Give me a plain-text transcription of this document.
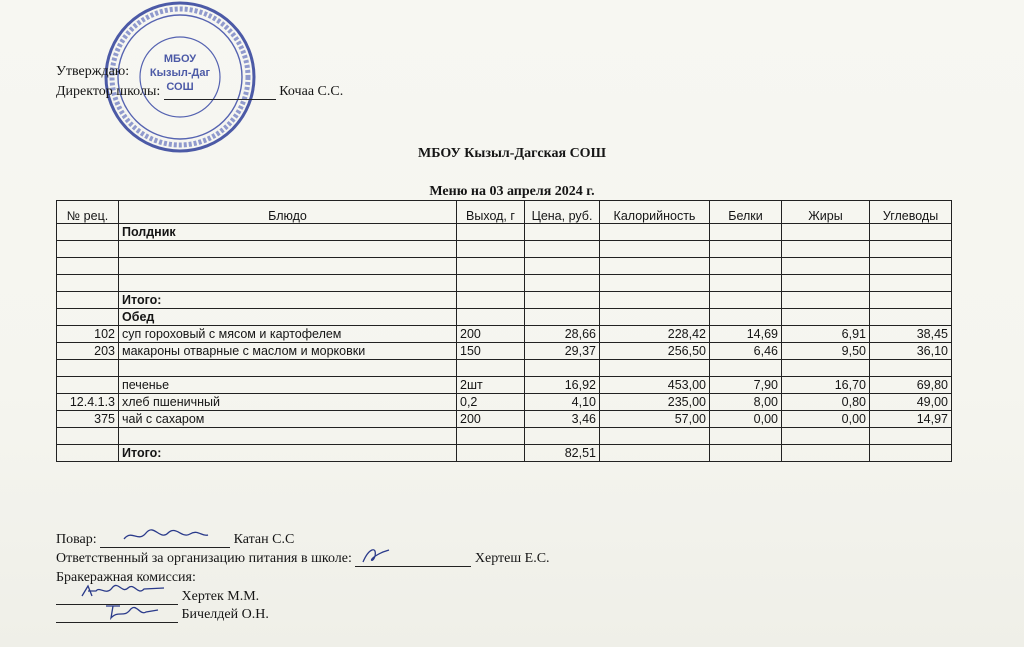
МБОУ
Кызыл-Даг
СОШ
Утверждаю:
Директор школы:	Кочаа С.С.
МБОУ Кызыл-Дагская СОШ
Меню на 03 апреля 2024 г.
№ рец.	Блюдо	Выход, г	Цена, руб.	Калорийность	Белки	Жиры	Углеводы
	Полдник						

	Итого:						
	Обед						
102	суп гороховый с мясом и картофелем	200	28,66	228,42	14,69	6,91	38,45
203	макароны отварные с маслом и морковки	150	29,37	256,50	6,46	9,50	36,10

	печенье	2шт	16,92	453,00	7,90	16,70	69,80
12.4.1.3	хлеб пшеничный	0,2	4,10	235,00	8,00	0,80	49,00
375	чай с сахаром	200	3,46	57,00	0,00	0,00	14,97

	Итого:		82,51				
Повар:	Катан С.С
Ответственный за организацию питания в школе:	Хертеш Е.С.
Бракеражная комиссия:
Хертек М.М.
Бичелдей О.Н.
